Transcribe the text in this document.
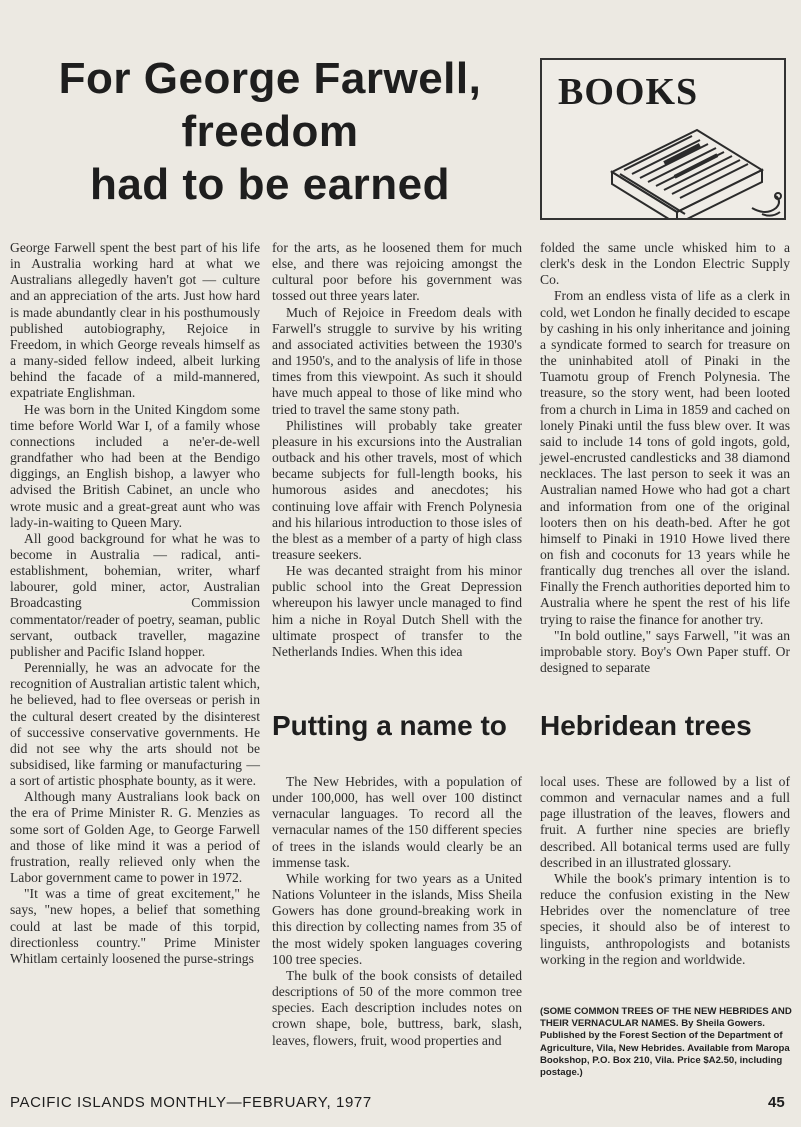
For George Farwell,
freedom
had to be earned
BOOKS

George Farwell spent the best part of his life in Australia working hard at what we Australians allegedly haven't got — culture and an appreciation of the arts. Just how hard is made abundantly clear in his posthumously published autobiography, Rejoice in Freedom, in which George reveals himself as a many-sided fellow indeed, albeit lurking behind the facade of a mild-mannered, expatriate Englishman.

He was born in the United Kingdom some time before World War I, of a family whose connections included a ne'er-de-well grandfather who had been at the Bendigo diggings, an English bishop, a lawyer who advised the British Cabinet, an uncle who wrote music and a great-great aunt who was lady-in-waiting to Queen Mary.

All good background for what he was to become in Australia — radical, anti-establishment, bohemian, writer, wharf labourer, gold miner, actor, Australian Broadcasting Commission commentator/reader of poetry, seaman, public servant, outback traveller, magazine publisher and Pacific Island hopper.

Perennially, he was an advocate for the recognition of Australian artistic talent which, he believed, had to flee overseas or perish in the cultural desert created by the disinterest of successive conservative governments. He did not see why the arts should not be subsidised, like farming or manufacturing — a sort of artistic phosphate bounty, as it were.

Although many Australians look back on the era of Prime Minister R. G. Menzies as some sort of Golden Age, to George Farwell and those of like mind it was a period of frustration, really relieved only when the Labor government came to power in 1972.

"It was a time of great excitement," he says, "new hopes, a belief that something could at last be made of this torpid, directionless country." Prime Minister Whitlam certainly loosened the purse-strings

for the arts, as he loosened them for much else, and there was rejoicing amongst the cultural poor before his government was tossed out three years later.

Much of Rejoice in Freedom deals with Farwell's struggle to survive by his writing and associated activities between the 1930's and 1950's, and to the analysis of life in those times from this viewpoint. As such it should have much appeal to those of like mind who tried to travel the same stony path.

Philistines will probably take greater pleasure in his excursions into the Australian outback and his other travels, most of which became subjects for full-length books, his humorous asides and anecdotes; his continuing love affair with French Polynesia and his hilarious introduction to those isles of the blest as a member of a party of high class treasure seekers.

He was decanted straight from his minor public school into the Great Depression whereupon his lawyer uncle managed to find him a niche in Royal Dutch Shell with the ultimate prospect of transfer to the Netherlands Indies. When this idea

folded the same uncle whisked him to a clerk's desk in the London Electric Supply Co.

From an endless vista of life as a clerk in cold, wet London he finally decided to escape by cashing in his only inheritance and joining a syndicate formed to search for treasure on the uninhabited atoll of Pinaki in the Tuamotu group of French Polynesia. The treasure, so the story went, had been looted from a church in Lima in 1859 and cached on lonely Pinaki until the fuss blew over. It was said to include 14 tons of gold ingots, gold, jewel-encrusted candlesticks and 38 diamond necklaces. The last person to seek it was an Australian named Howe who had got a chart and information from one of the original looters then on his death-bed. After he got himself to Pinaki in 1910 Howe lived there on fish and coconuts for 13 years while he frantically dug trenches all over the island. Finally the French authorities deported him to Australia where he spent the rest of his life trying to raise the finance for another try.

"In bold outline," says Farwell, "it was an improbable story. Boy's Own Paper stuff. Or designed to separate

Putting a name to	Hebridean trees

The New Hebrides, with a population of under 100,000, has well over 100 distinct vernacular languages. To record all the vernacular names of the 150 different species of trees in the islands would clearly be an immense task.

While working for two years as a United Nations Volunteer in the islands, Miss Sheila Gowers has done ground-breaking work in this direction by collecting names from 35 of the most widely spoken languages covering 100 tree species.

The bulk of the book consists of detailed descriptions of 50 of the more common tree species. Each description includes notes on crown shape, bole, buttress, bark, slash, leaves, flowers, fruit, wood properties and

local uses. These are followed by a list of common and vernacular names and a full page illustration of the leaves, flowers and fruit. A further nine species are briefly described. All botanical terms used are fully described in an illustrated glossary.

While the book's primary intention is to reduce the confusion existing in the New Hebrides over the nomenclature of tree species, it should also be of interest to linguists, anthropologists and botanists working in the region and worldwide.

(SOME COMMON TREES OF THE NEW HEBRIDES AND THEIR VERNACULAR NAMES. By Sheila Gowers. Published by the Forest Section of the Department of Agriculture, Vila, New Hebrides. Available from Maropa Bookshop, P.O. Box 210, Vila. Price $A2.50, including postage.)
PACIFIC ISLANDS MONTHLY—FEBRUARY, 1977	45
